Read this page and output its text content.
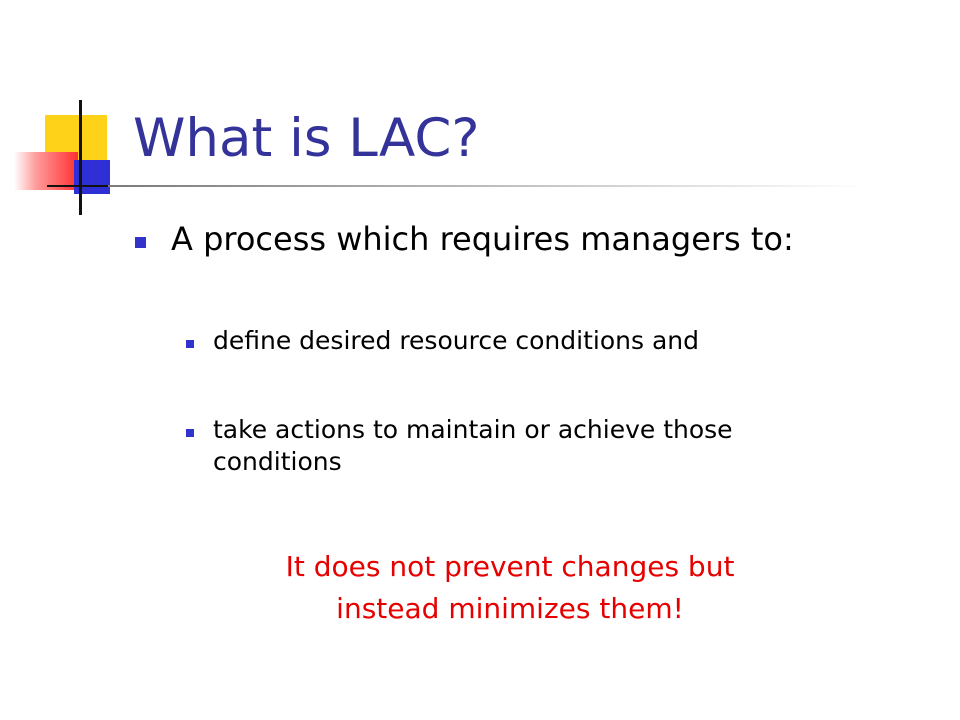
What is LAC?
A process which requires managers to:
define desired resource conditions and
take actions to maintain or achieve those conditions
It does not prevent changes but instead minimizes them!
